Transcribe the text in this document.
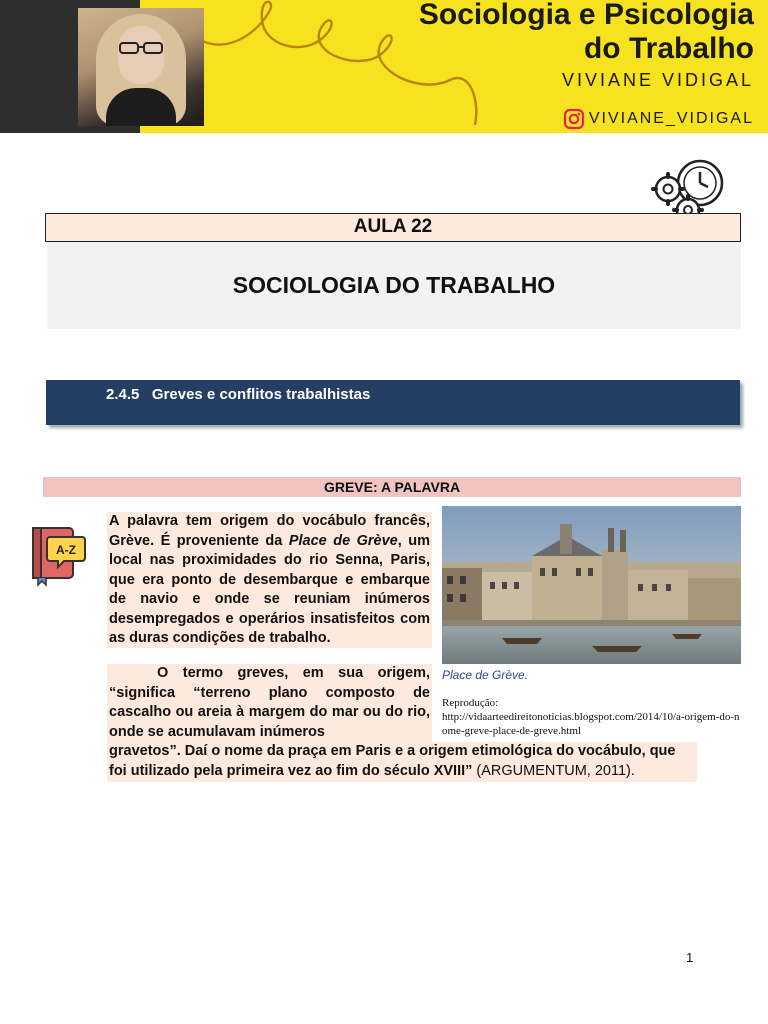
Sociologia e Psicologia
do Trabalho
VIVIANE VIDIGAL
VIVIANE_VIDIGAL
AULA 22
SOCIOLOGIA DO TRABALHO
2.4.5 Greves e conflitos trabalhistas
GREVE: A PALAVRA
A-Z
A palavra tem origem do vocábulo francês, Grève. É proveniente da Place de Grève, um local nas proximidades do rio Senna, Paris, que era ponto de desembarque e embarque de navio e onde se reuniam inúmeros desempregados e operários insatisfeitos com as duras condições de trabalho.
O termo greves, em sua origem, “significa “terreno plano composto de cascalho ou areia à margem do mar ou do rio, onde se acumulavam inúmeros
gravetos”. Daí o nome da praça em Paris e a origem etimológica do vocábulo, que foi utilizado pela primeira vez ao fim do século XVIII” (ARGUMENTUM, 2011).
Place de Grève.
Reprodução:
http://vidaarteedireitonoticias.blogspot.com/2014/10/a-origem-do-nome-greve-place-de-greve.html
1
